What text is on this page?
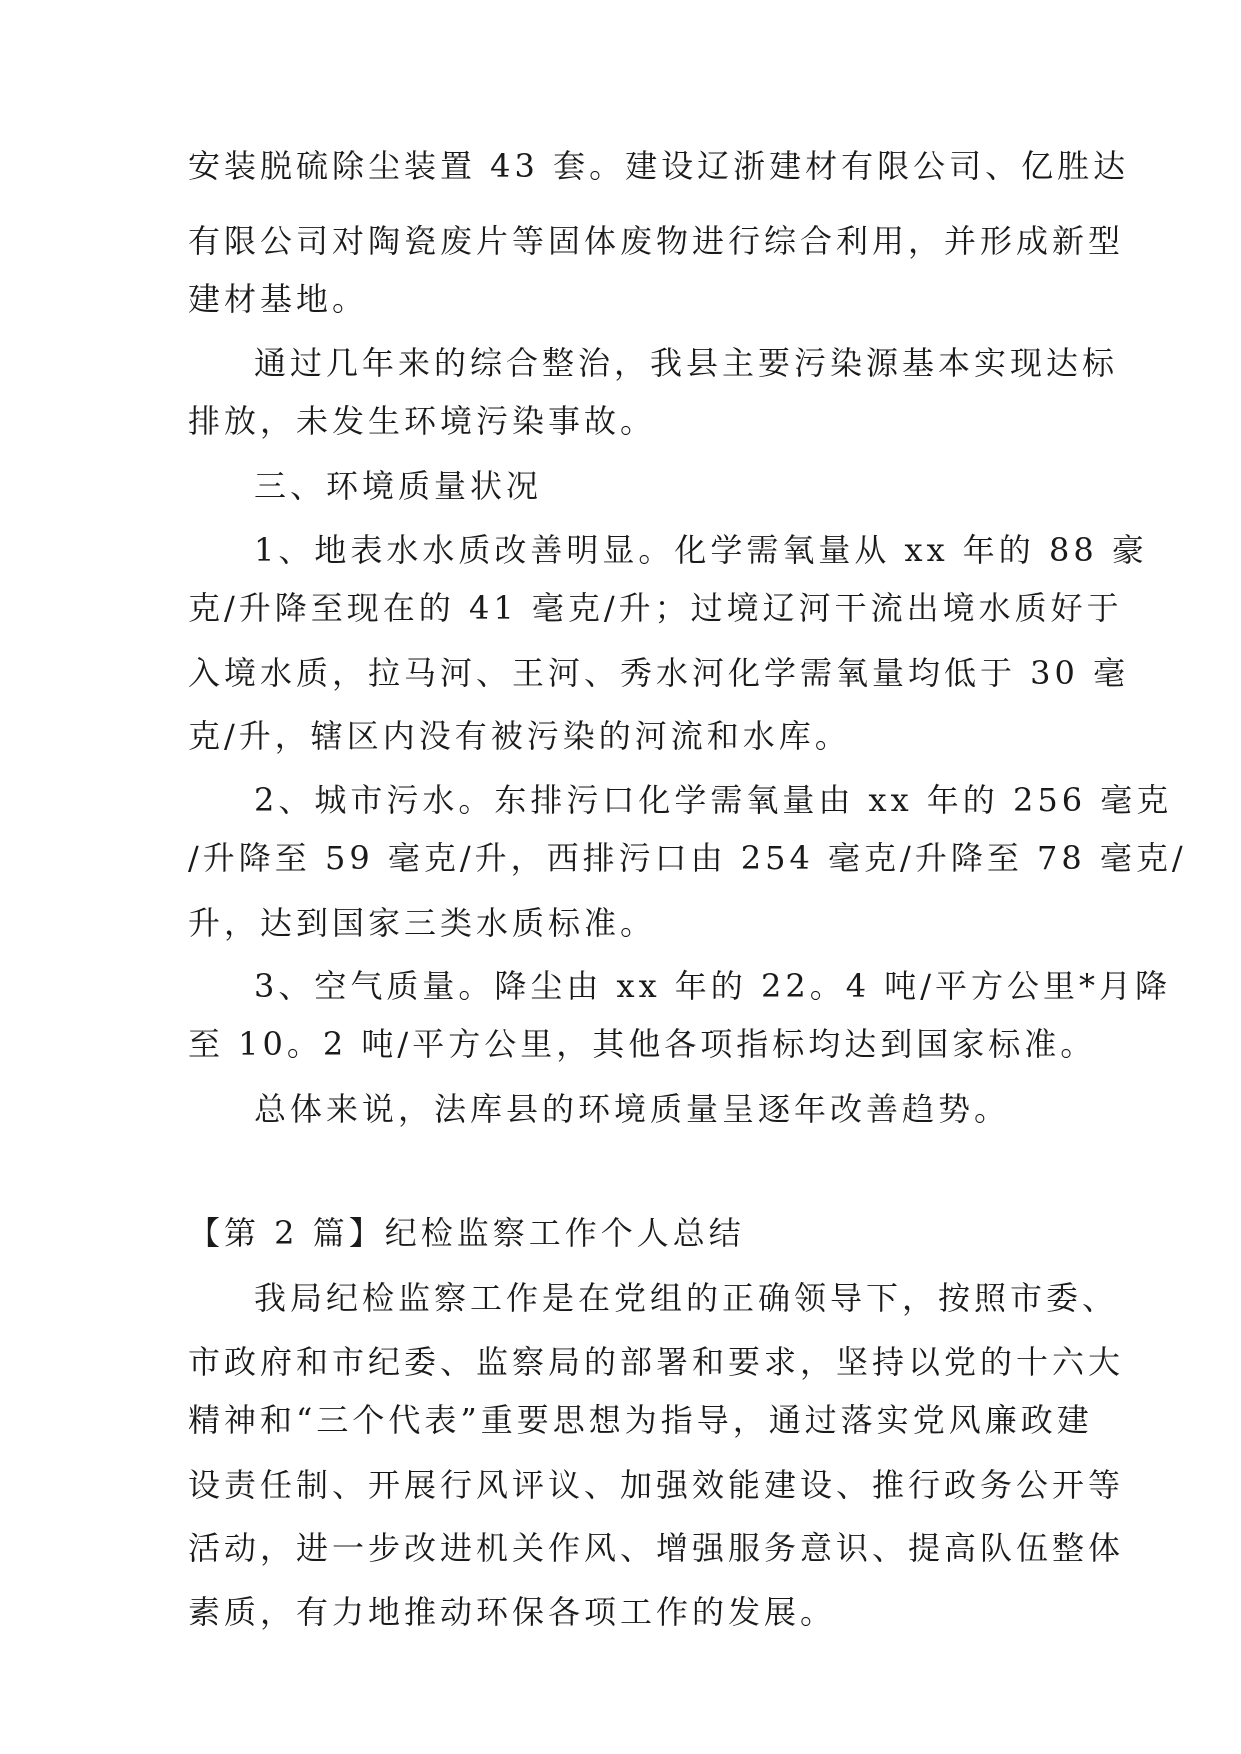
安装脱硫除尘装置 43 套。建设辽浙建材有限公司、亿胜达
有限公司对陶瓷废片等固体废物进行综合利用，并形成新型
建材基地。
通过几年来的综合整治，我县主要污染源基本实现达标
排放，未发生环境污染事故。
三、环境质量状况
1、地表水水质改善明显。化学需氧量从 xx 年的 88 豪
克/升降至现在的 41 毫克/升；过境辽河干流出境水质好于
入境水质，拉马河、王河、秀水河化学需氧量均低于 30 毫
克/升，辖区内没有被污染的河流和水库。
2、城市污水。东排污口化学需氧量由 xx 年的 256 毫克
/升降至 59 毫克/升，西排污口由 254 毫克/升降至 78 毫克/
升，达到国家三类水质标准。
3、空气质量。降尘由 xx 年的 22。4 吨/平方公里*月降
至 10。2 吨/平方公里，其他各项指标均达到国家标准。
总体来说，法库县的环境质量呈逐年改善趋势。
【第 2 篇】纪检监察工作个人总结
我局纪检监察工作是在党组的正确领导下，按照市委、
市政府和市纪委、监察局的部署和要求，坚持以党的十六大
精神和“三个代表”重要思想为指导，通过落实党风廉政建
设责任制、开展行风评议、加强效能建设、推行政务公开等
活动，进一步改进机关作风、增强服务意识、提高队伍整体
素质，有力地推动环保各项工作的发展。
